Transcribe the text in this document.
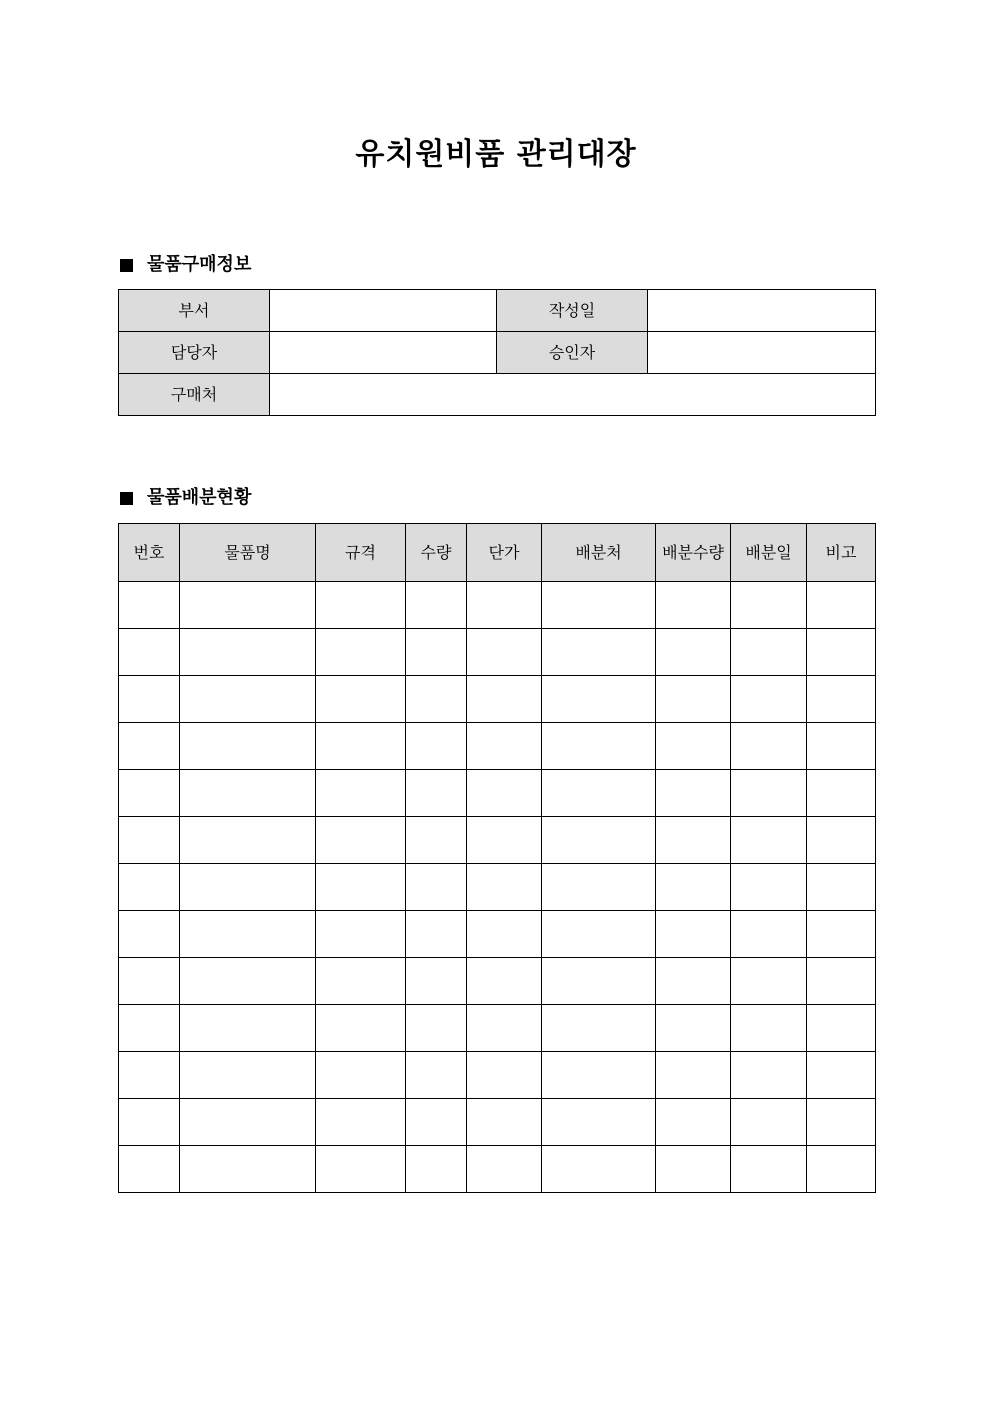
유치원비품 관리대장
물품구매정보
부서		작성일	
담당자		승인자	
구매처			
물품배분현황
번호	물품명	규격	수량	단가	배분처	배분수량	배분일	비고
